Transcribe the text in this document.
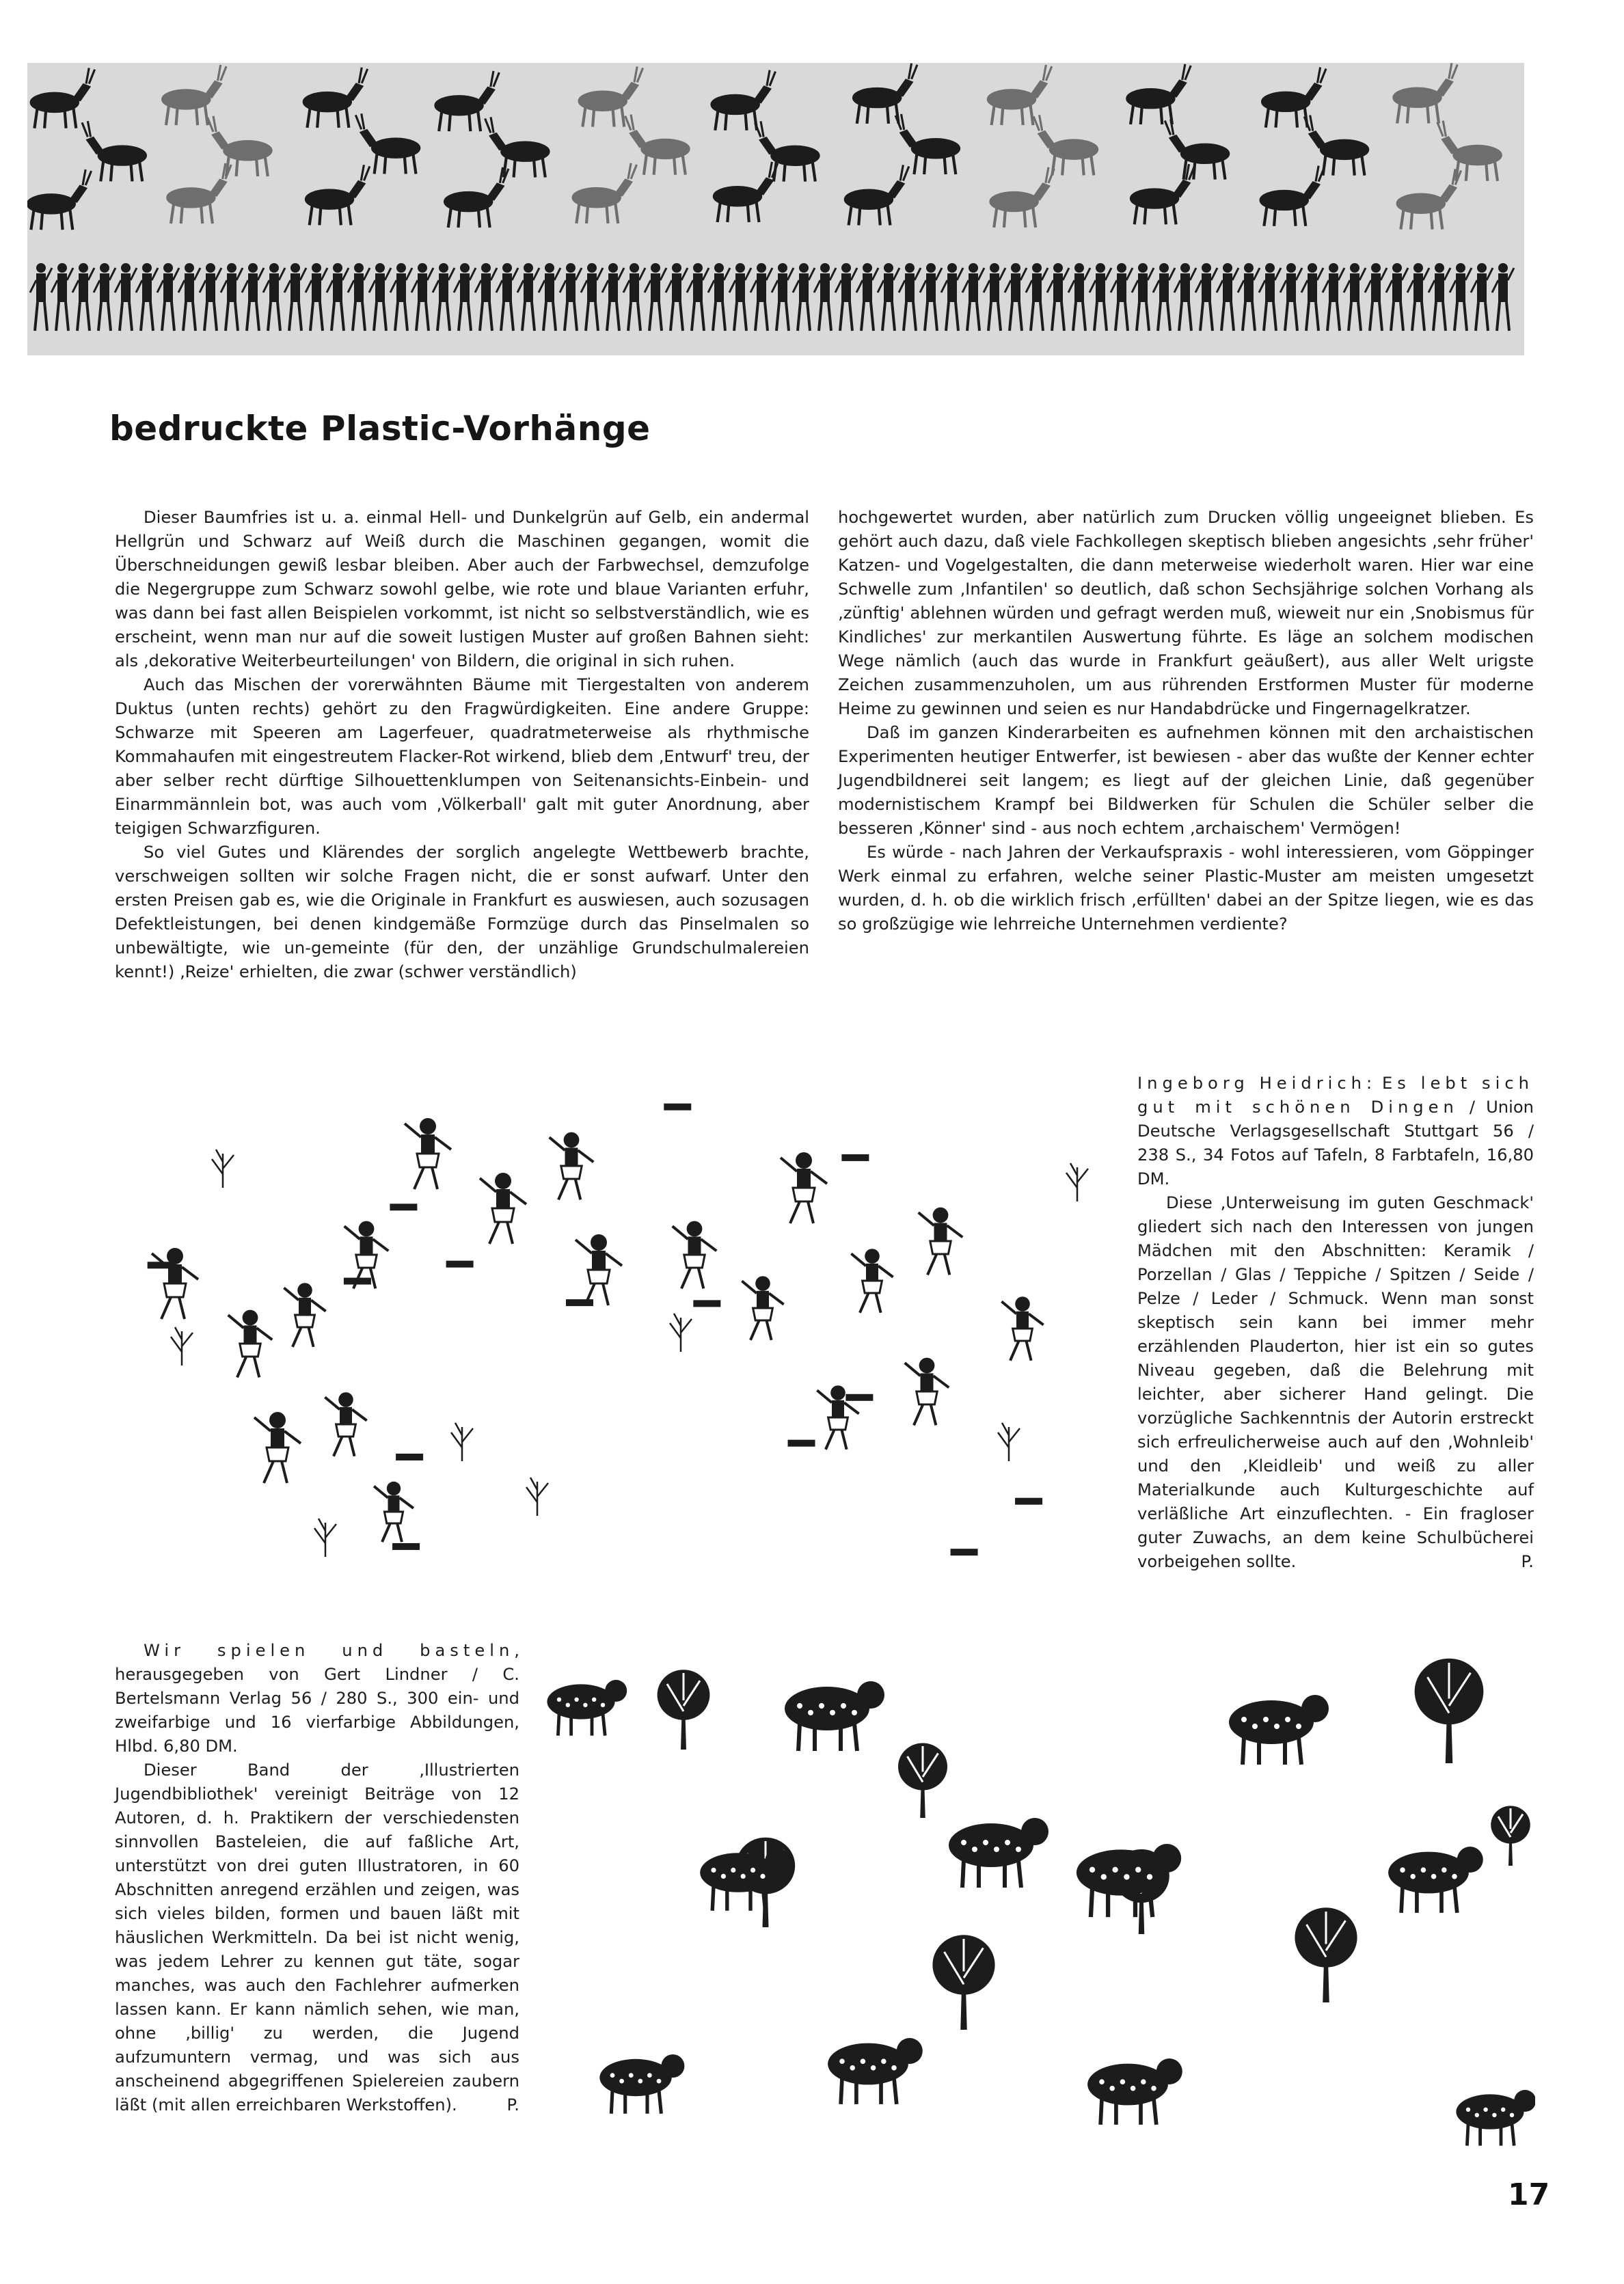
bedruckte Plastic-Vorhänge

Dieser Baumfries ist u. a. einmal Hell- und Dunkelgrün auf Gelb, ein andermal Hellgrün und Schwarz auf Weiß durch die Maschinen gegangen, womit die Überschneidungen gewiß lesbar bleiben. Aber auch der Farbwechsel, demzufolge die Negergruppe zum Schwarz sowohl gelbe, wie rote und blaue Varianten erfuhr, was dann bei fast allen Beispielen vorkommt, ist nicht so selbstverständlich, wie es erscheint, wenn man nur auf die soweit lustigen Muster auf großen Bahnen sieht: als ‚dekorative Weiterbeurteilungen' von Bildern, die original in sich ruhen.

Auch das Mischen der vorerwähnten Bäume mit Tiergestalten von anderem Duktus (unten rechts) gehört zu den Fragwürdigkeiten. Eine andere Gruppe: Schwarze mit Speeren am Lagerfeuer, quadratmeterweise als rhythmische Kommahaufen mit eingestreutem Flacker-Rot wirkend, blieb dem ‚Entwurf' treu, der aber selber recht dürftige Silhouettenklumpen von Seitenansichts-Einbein- und Einarmmännlein bot, was auch vom ‚Völkerball' galt mit guter Anordnung, aber teigigen Schwarzfiguren.

So viel Gutes und Klärendes der sorglich angelegte Wettbewerb brachte, verschweigen sollten wir solche Fragen nicht, die er sonst aufwarf. Unter den ersten Preisen gab es, wie die Originale in Frankfurt es auswiesen, auch sozusagen Defektleistungen, bei denen kindgemäße Formzüge durch das Pinselmalen so unbewältigte, wie un-gemeinte (für den, der unzählige Grundschulmalereien kennt!) ‚Reize' erhielten, die zwar (schwer verständlich)

hochgewertet wurden, aber natürlich zum Drucken völlig ungeeignet blieben. Es gehört auch dazu, daß viele Fachkollegen skeptisch blieben angesichts ‚sehr früher' Katzen- und Vogelgestalten, die dann meterweise wiederholt waren. Hier war eine Schwelle zum ‚Infantilen' so deutlich, daß schon Sechsjährige solchen Vorhang als ‚zünftig' ablehnen würden und gefragt werden muß, wieweit nur ein ‚Snobismus für Kindliches' zur merkantilen Auswertung führte. Es läge an solchem modischen Wege nämlich (auch das wurde in Frankfurt geäußert), aus aller Welt urigste Zeichen zusammenzuholen, um aus rührenden Erstformen Muster für moderne Heime zu gewinnen und seien es nur Handabdrücke und Fingernagelkratzer.

Daß im ganzen Kinderarbeiten es aufnehmen können mit den archaistischen Experimenten heutiger Entwerfer, ist bewiesen - aber das wußte der Kenner echter Jugendbildnerei seit langem; es liegt auf der gleichen Linie, daß gegenüber modernistischem Krampf bei Bildwerken für Schulen die Schüler selber die besseren ‚Könner' sind - aus noch echtem ‚archaischem' Vermögen!

Es würde - nach Jahren der Verkaufspraxis - wohl interessieren, vom Göppinger Werk einmal zu erfahren, welche seiner Plastic-Muster am meisten umgesetzt wurden, d. h. ob die wirklich frisch ‚erfüllten' dabei an der Spitze liegen, wie es das so großzügige wie lehrreiche Unternehmen verdiente?

Ingeborg Heidrich: Es lebt sich gut mit schönen Dingen / Union Deutsche Verlagsgesellschaft Stuttgart 56 / 238 S., 34 Fotos auf Tafeln, 8 Farbtafeln, 16,80 DM.

Diese ‚Unterweisung im guten Geschmack' gliedert sich nach den Interessen von jungen Mädchen mit den Abschnitten: Keramik / Porzellan / Glas / Teppiche / Spitzen / Seide / Pelze / Leder / Schmuck. Wenn man sonst skeptisch sein kann bei immer mehr erzählenden Plauderton, hier ist ein so gutes Niveau gegeben, daß die Belehrung mit leichter, aber sicherer Hand gelingt. Die vorzügliche Sachkenntnis der Autorin erstreckt sich erfreulicherweise auch auf den ‚Wohnleib' und den ‚Kleidleib' und weiß zu aller Materialkunde auch Kulturgeschichte auf verläßliche Art einzuflechten. - Ein fragloser guter Zuwachs, an dem keine Schulbücherei vorbeigehen sollte.	P.

Wir spielen und basteln, herausgegeben von Gert Lindner / C. Bertelsmann Verlag 56 / 280 S., 300 ein- und zweifarbige und 16 vierfarbige Abbildungen, Hlbd. 6,80 DM.

Dieser Band der ‚Illustrierten Jugendbibliothek' vereinigt Beiträge von 12 Autoren, d. h. Praktikern der verschiedensten sinnvollen Basteleien, die auf faßliche Art, unterstützt von drei guten Illustratoren, in 60 Abschnitten anregend erzählen und zeigen, was sich vieles bilden, formen und bauen läßt mit häuslichen Werkmitteln. Da bei ist nicht wenig, was jedem Lehrer zu kennen gut täte, sogar manches, was auch den Fachlehrer aufmerken lassen kann. Er kann nämlich sehen, wie man, ohne ‚billig' zu werden, die Jugend aufzumuntern vermag, und was sich aus anscheinend abgegriffenen Spielereien zaubern läßt (mit allen erreichbaren Werkstoffen).	P.

17
